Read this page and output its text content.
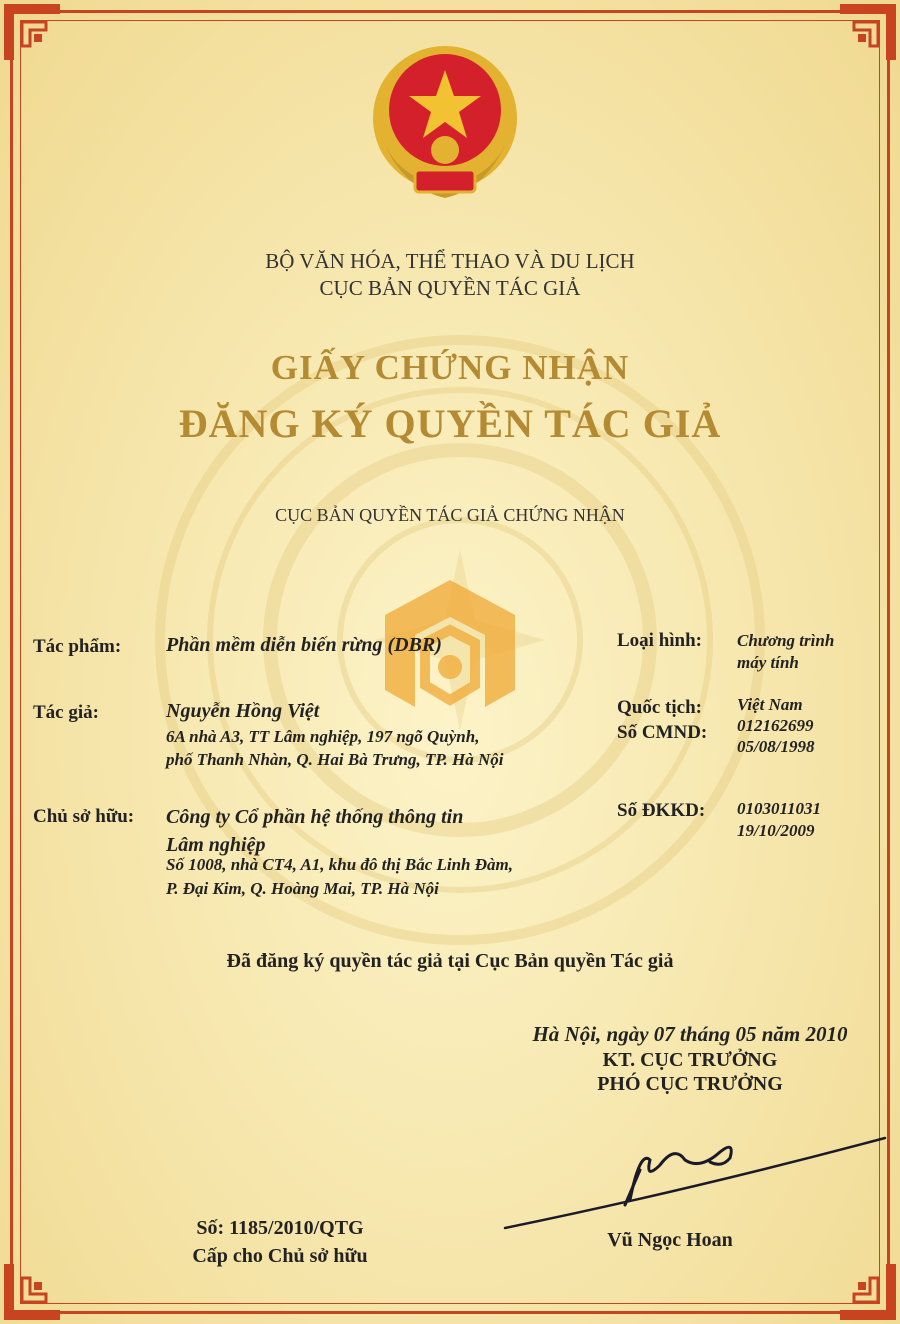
BỘ VĂN HÓA, THỂ THAO VÀ DU LỊCH
CỤC BẢN QUYỀN TÁC GIẢ
GIẤY CHỨNG NHẬN
ĐĂNG KÝ QUYỀN TÁC GIẢ
CỤC BẢN QUYỀN TÁC GIẢ CHỨNG NHẬN
Tác phẩm: Phần mềm diễn biến rừng (DBR)	Loại hình: Chương trình
máy tính
Tác giả:	Nguyễn Hồng Việt
6A nhà A3, TT Lâm nghiệp, 197 ngõ Quỳnh,
phố Thanh Nhàn, Q. Hai Bà Trưng, TP. Hà Nội
Quốc tịch:
Số CMND:
Việt Nam
012162699
05/08/1998
Chủ sở hữu: Công ty Cổ phần hệ thống thông tin
Lâm nghiệp
Số 1008, nhà CT4, A1, khu đô thị Bắc Linh Đàm,
P. Đại Kim, Q. Hoàng Mai, TP. Hà Nội
Số ĐKKD: 0103011031
19/10/2009
Đã đăng ký quyền tác giả tại Cục Bản quyền Tác giả
Hà Nội, ngày 07 tháng 05 năm 2010
KT. CỤC TRƯỞNG
PHÓ CỤC TRƯỞNG
Vũ Ngọc Hoan
Số: 1185/2010/QTG
Cấp cho Chủ sở hữu
